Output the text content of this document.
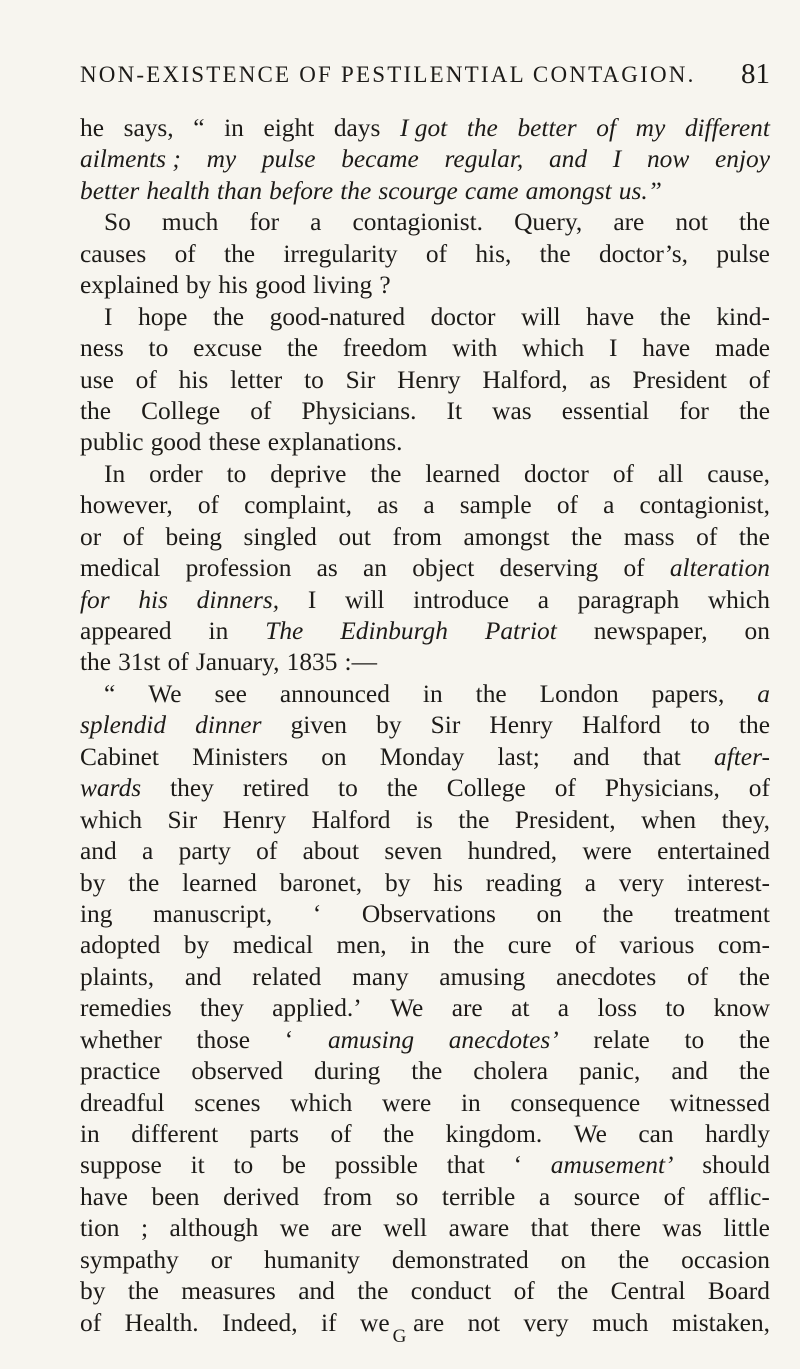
NON-EXISTENCE OF PESTILENTIAL CONTAGION. 81
he says, “ in eight days I got the better of my different
ailments ; my pulse became regular, and I now enjoy
better health than before the scourge came amongst us.”
So much for a contagionist. Query, are not the
causes of the irregularity of his, the doctor’s, pulse
explained by his good living ?
I hope the good-natured doctor will have the kind-
ness to excuse the freedom with which I have made
use of his letter to Sir Henry Halford, as President of
the College of Physicians. It was essential for the
public good these explanations.
In order to deprive the learned doctor of all cause,
however, of complaint, as a sample of a contagionist,
or of being singled out from amongst the mass of the
medical profession as an object deserving of alteration
for his dinners, I will introduce a paragraph which
appeared in The Edinburgh Patriot newspaper, on
the 31st of January, 1835 :—
“ We see announced in the London papers, a
splendid dinner given by Sir Henry Halford to the
Cabinet Ministers on Monday last; and that after-
wards they retired to the College of Physicians, of
which Sir Henry Halford is the President, when they,
and a party of about seven hundred, were entertained
by the learned baronet, by his reading a very interest-
ing manuscript, ‘ Observations on the treatment
adopted by medical men, in the cure of various com-
plaints, and related many amusing anecdotes of the
remedies they applied.’ We are at a loss to know
whether those ‘ amusing anecdotes’ relate to the
practice observed during the cholera panic, and the
dreadful scenes which were in consequence witnessed
in different parts of the kingdom. We can hardly
suppose it to be possible that ‘ amusement’ should
have been derived from so terrible a source of afflic-
tion ; although we are well aware that there was little
sympathy or humanity demonstrated on the occasion
by the measures and the conduct of the Central Board
of Health. Indeed, if we are not very much mistaken,
G
